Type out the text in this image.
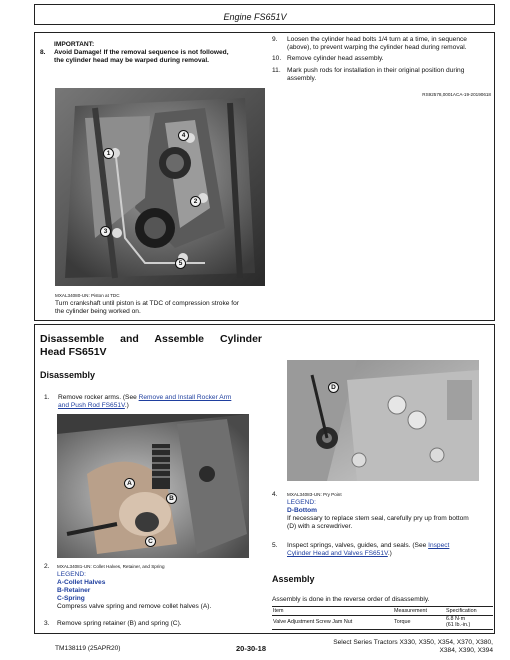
Engine FS651V
IMPORTANT:
8. Avoid Damage! If the removal sequence is not followed,
the cylinder head may be warped during removal.
1
2
3
4
5
MXAL34080-UN: Piston at TDC
Turn crankshaft until piston is at TDC of compression stroke for
the cylinder being worked on.
9. Loosen the cylinder head bolts 1/4 turn at a time, in sequence
(above), to prevent warping the cylinder head during removal.
10. Remove cylinder head assembly.
11. Mark push rods for installation in their original position during
assembly.
RS92578,0001ACA-19-20190618
Disassemble and Assemble Cylinder
Head FS651V
Disassembly
1. Remove rocker arms. (See Remove and Install Rocker Arm
and Push Rod FS651V.)
A
B
C
2. MXAL34081-UN: Collet Halves, Retainer, and Spring
LEGEND:
A-Collet Halves
B-Retainer
C-Spring
Compress valve spring and remove collet halves (A).
3. Remove spring retainer (B) and spring (C).
D
4. MXAL34083-UN: Pry Point
LEGEND:
D-Bottom
If necessary to replace stem seal, carefully pry up from bottom
(D) with a screwdriver.
5. Inspect springs, valves, guides, and seals. (See Inspect
Cylinder Head and Valves FS651V.)
Assembly
Assembly is done in the reverse order of disassembly.
Item	Measurement	Specification
Valve Adjustment Screw Jam Nut	Torque	6.8 N·m
(61 lb.-in.)
TM138119 (25APR20)	20-30-18
Select Series Tractors X330, X350, X354, X370, X380,
X384, X390, X394
